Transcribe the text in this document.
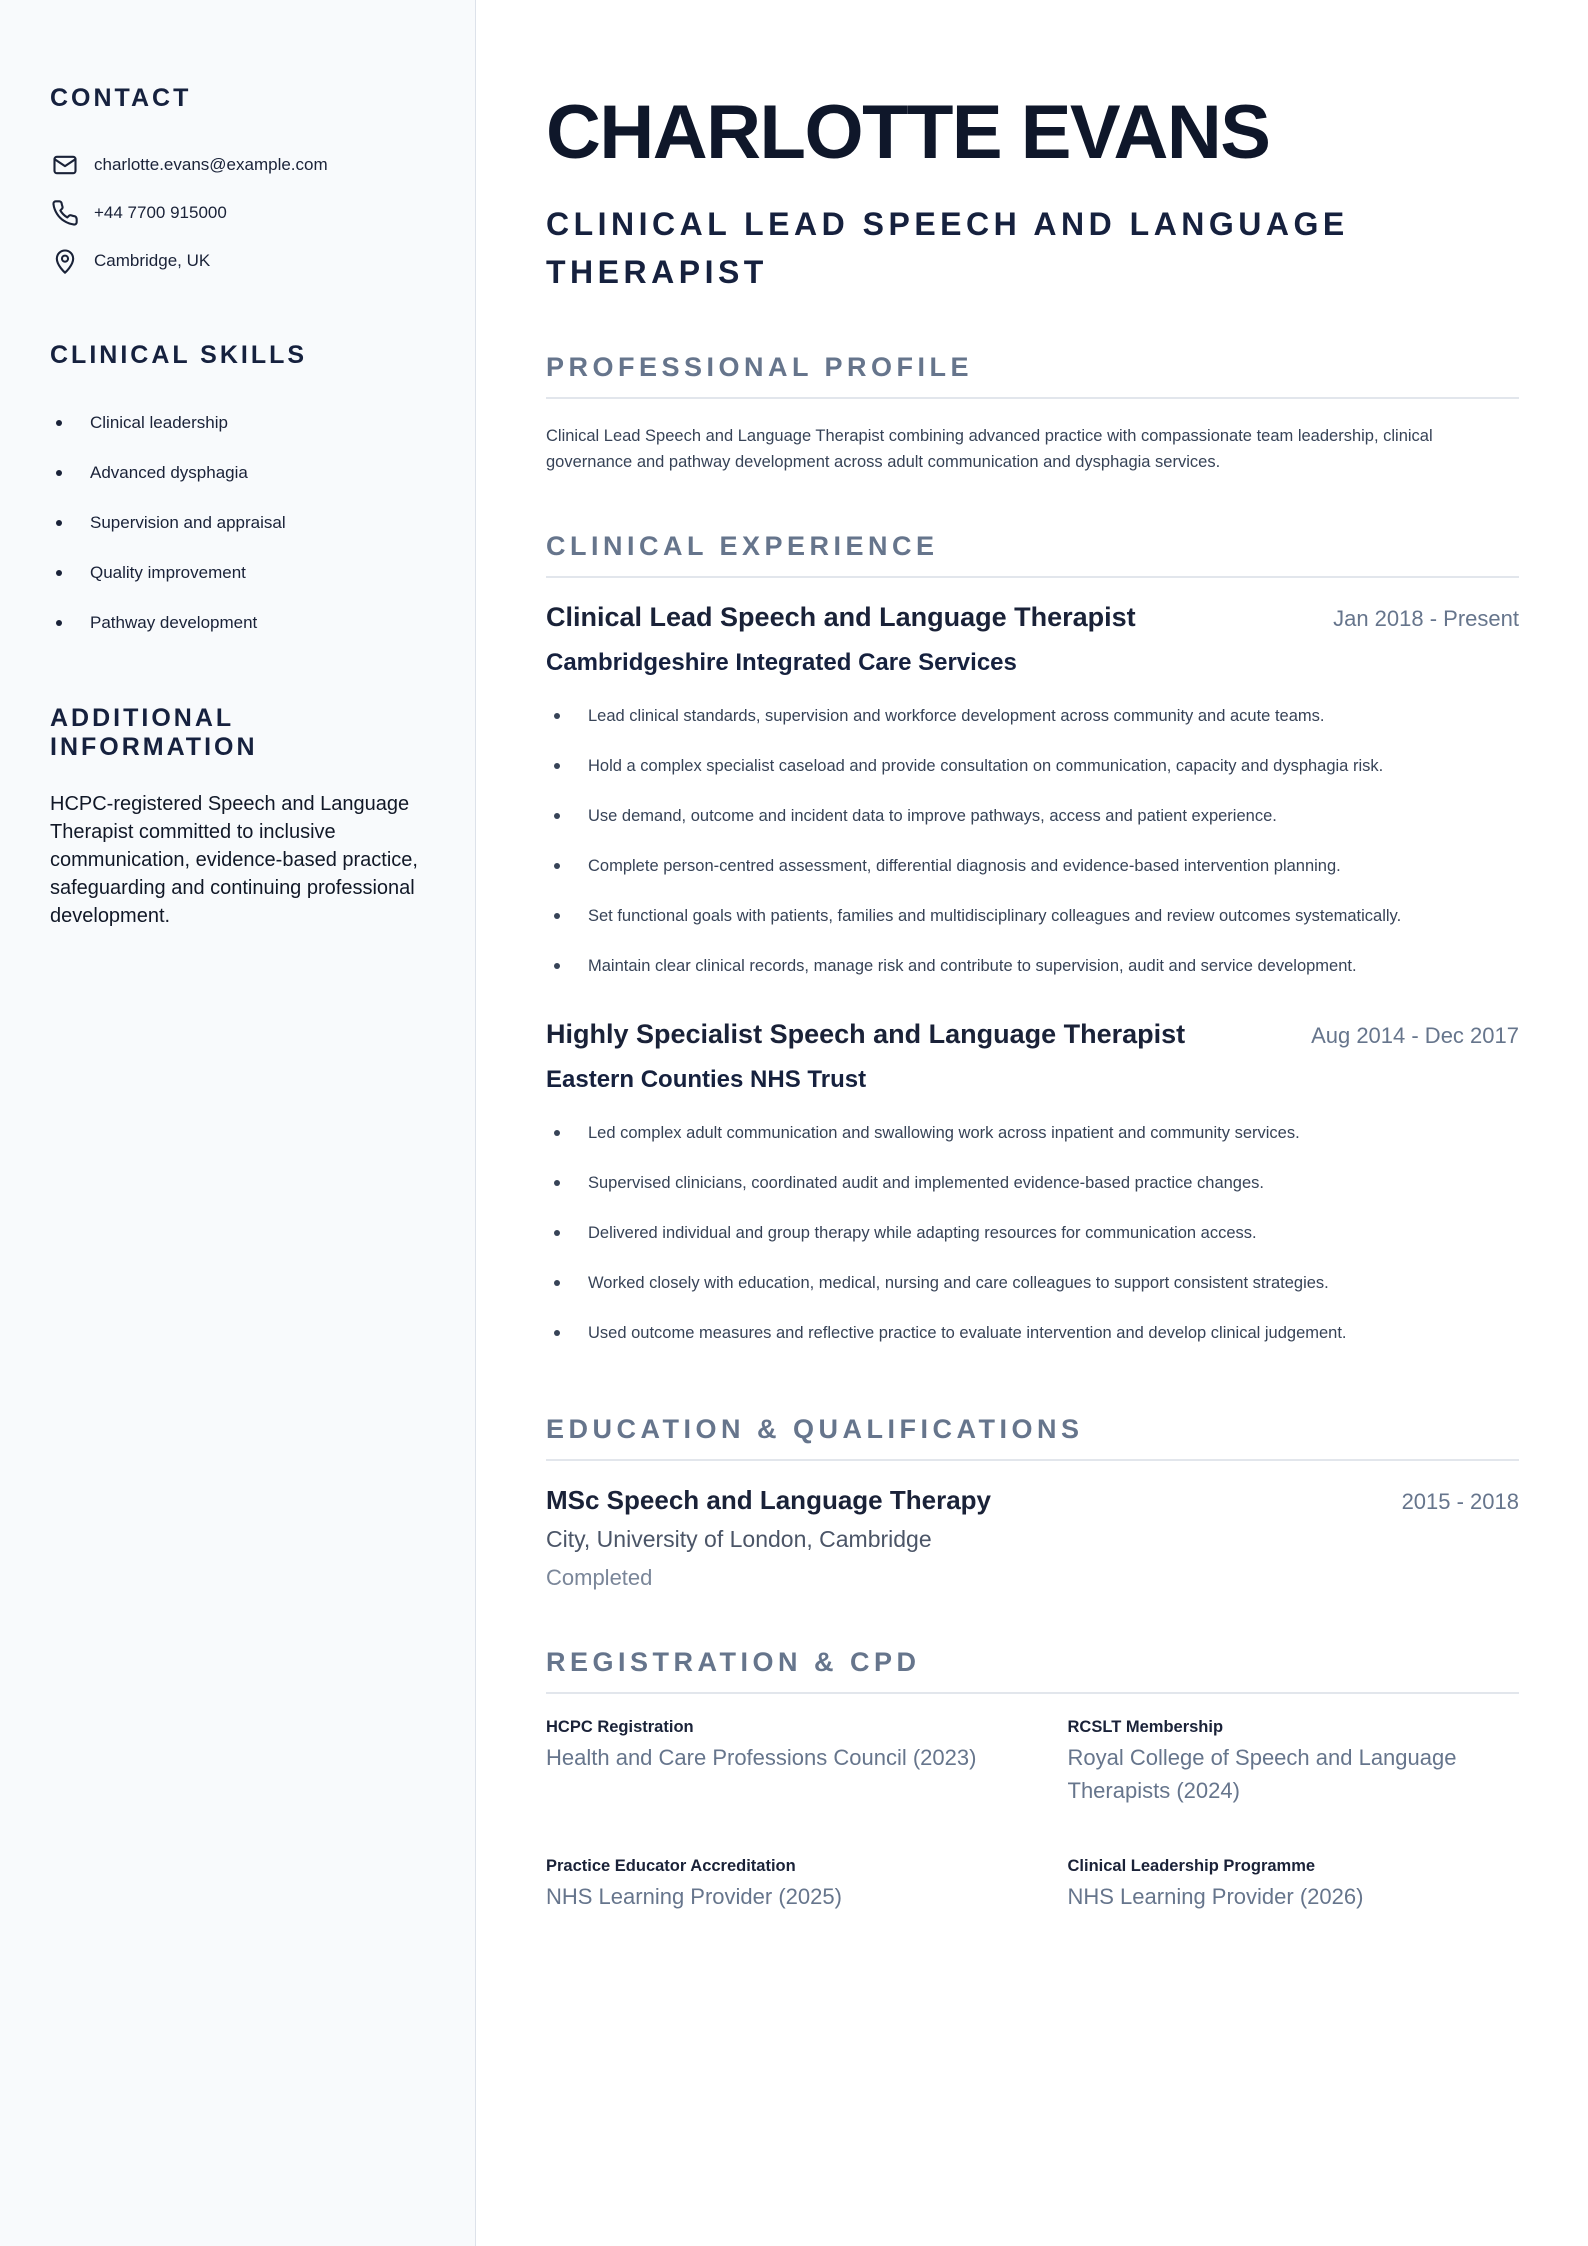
CONTACT
charlotte.evans@example.com
+44 7700 915000
Cambridge, UK
CLINICAL SKILLS
Clinical leadership
Advanced dysphagia
Supervision and appraisal
Quality improvement
Pathway development
ADDITIONAL INFORMATION

HCPC-registered Speech and Language Therapist committed to inclusive communication, evidence-based practice, safeguarding and continuing professional development.

CHARLOTTE EVANS
CLINICAL LEAD SPEECH AND LANGUAGE THERAPIST
PROFESSIONAL PROFILE

Clinical Lead Speech and Language Therapist combining advanced practice with compassionate team leadership, clinical governance and pathway development across adult communication and dysphagia services.

CLINICAL EXPERIENCE
Clinical Lead Speech and Language Therapist	Jan 2018 - Present
Cambridgeshire Integrated Care Services
Lead clinical standards, supervision and workforce development across community and acute teams.
Hold a complex specialist caseload and provide consultation on communication, capacity and dysphagia risk.
Use demand, outcome and incident data to improve pathways, access and patient experience.
Complete person-centred assessment, differential diagnosis and evidence-based intervention planning.
Set functional goals with patients, families and multidisciplinary colleagues and review outcomes systematically.
Maintain clear clinical records, manage risk and contribute to supervision, audit and service development.
Highly Specialist Speech and Language Therapist	Aug 2014 - Dec 2017
Eastern Counties NHS Trust
Led complex adult communication and swallowing work across inpatient and community services.
Supervised clinicians, coordinated audit and implemented evidence-based practice changes.
Delivered individual and group therapy while adapting resources for communication access.
Worked closely with education, medical, nursing and care colleagues to support consistent strategies.
Used outcome measures and reflective practice to evaluate intervention and develop clinical judgement.
EDUCATION & QUALIFICATIONS
MSc Speech and Language Therapy	2015 - 2018
City, University of London, Cambridge
Completed
REGISTRATION & CPD
HCPC Registration
Health and Care Professions Council (2023)
RCSLT Membership
Royal College of Speech and Language Therapists (2024)
Practice Educator Accreditation
NHS Learning Provider (2025)
Clinical Leadership Programme
NHS Learning Provider (2026)
